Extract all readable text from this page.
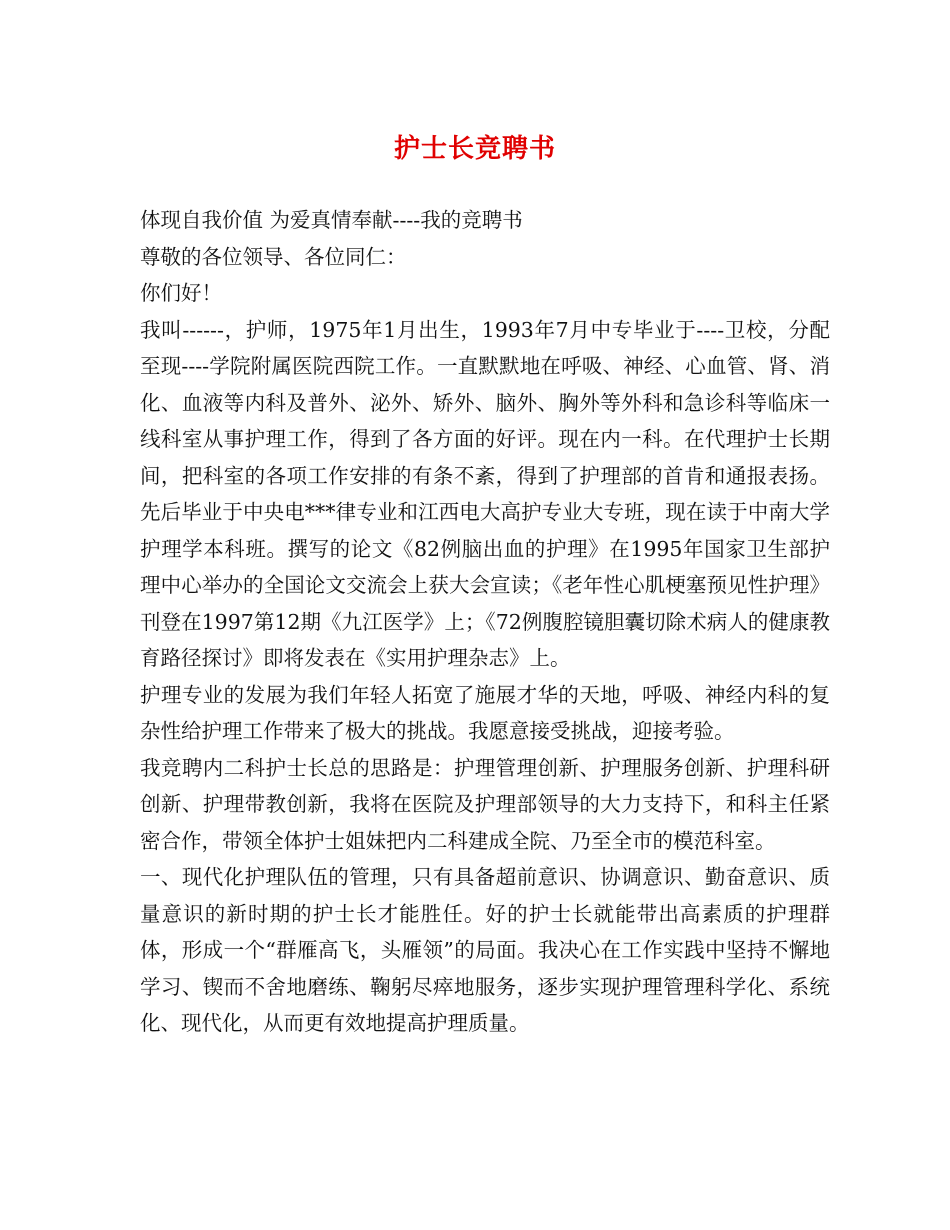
护士长竞聘书

体现自我价值 为爱真情奉献----我的竞聘书

尊敬的各位领导、各位同仁：

你们好！

我叫------，护师，1975年1月出生，1993年7月中专毕业于----卫校，分配至现----学院附属医院西院工作。一直默默地在呼吸、神经、心血管、肾、消化、血液等内科及普外、泌外、矫外、脑外、胸外等外科和急诊科等临床一线科室从事护理工作，得到了各方面的好评。现在内一科。在代理护士长期间，把科室的各项工作安排的有条不紊，得到了护理部的首肯和通报表扬。先后毕业于中央电***律专业和江西电大高护专业大专班，现在读于中南大学护理学本科班。撰写的论文《82例脑出血的护理》在1995年国家卫生部护理中心举办的全国论文交流会上获大会宣读；《老年性心肌梗塞预见性护理》刊登在1997第12期《九江医学》上；《72例腹腔镜胆囊切除术病人的健康教育路径探讨》即将发表在《实用护理杂志》上。

护理专业的发展为我们年轻人拓宽了施展才华的天地，呼吸、神经内科的复杂性给护理工作带来了极大的挑战。我愿意接受挑战，迎接考验。

我竞聘内二科护士长总的思路是：护理管理创新、护理服务创新、护理科研创新、护理带教创新，我将在医院及护理部领导的大力支持下，和科主任紧密合作，带领全体护士姐妹把内二科建成全院、乃至全市的模范科室。

一、现代化护理队伍的管理，只有具备超前意识、协调意识、勤奋意识、质量意识的新时期的护士长才能胜任。好的护士长就能带出高素质的护理群体，形成一个“群雁高飞，头雁领”的局面。我决心在工作实践中坚持不懈地学习、锲而不舍地磨练、鞠躬尽瘁地服务，逐步实现护理管理科学化、系统化、现代化，从而更有效地提高护理质量。
